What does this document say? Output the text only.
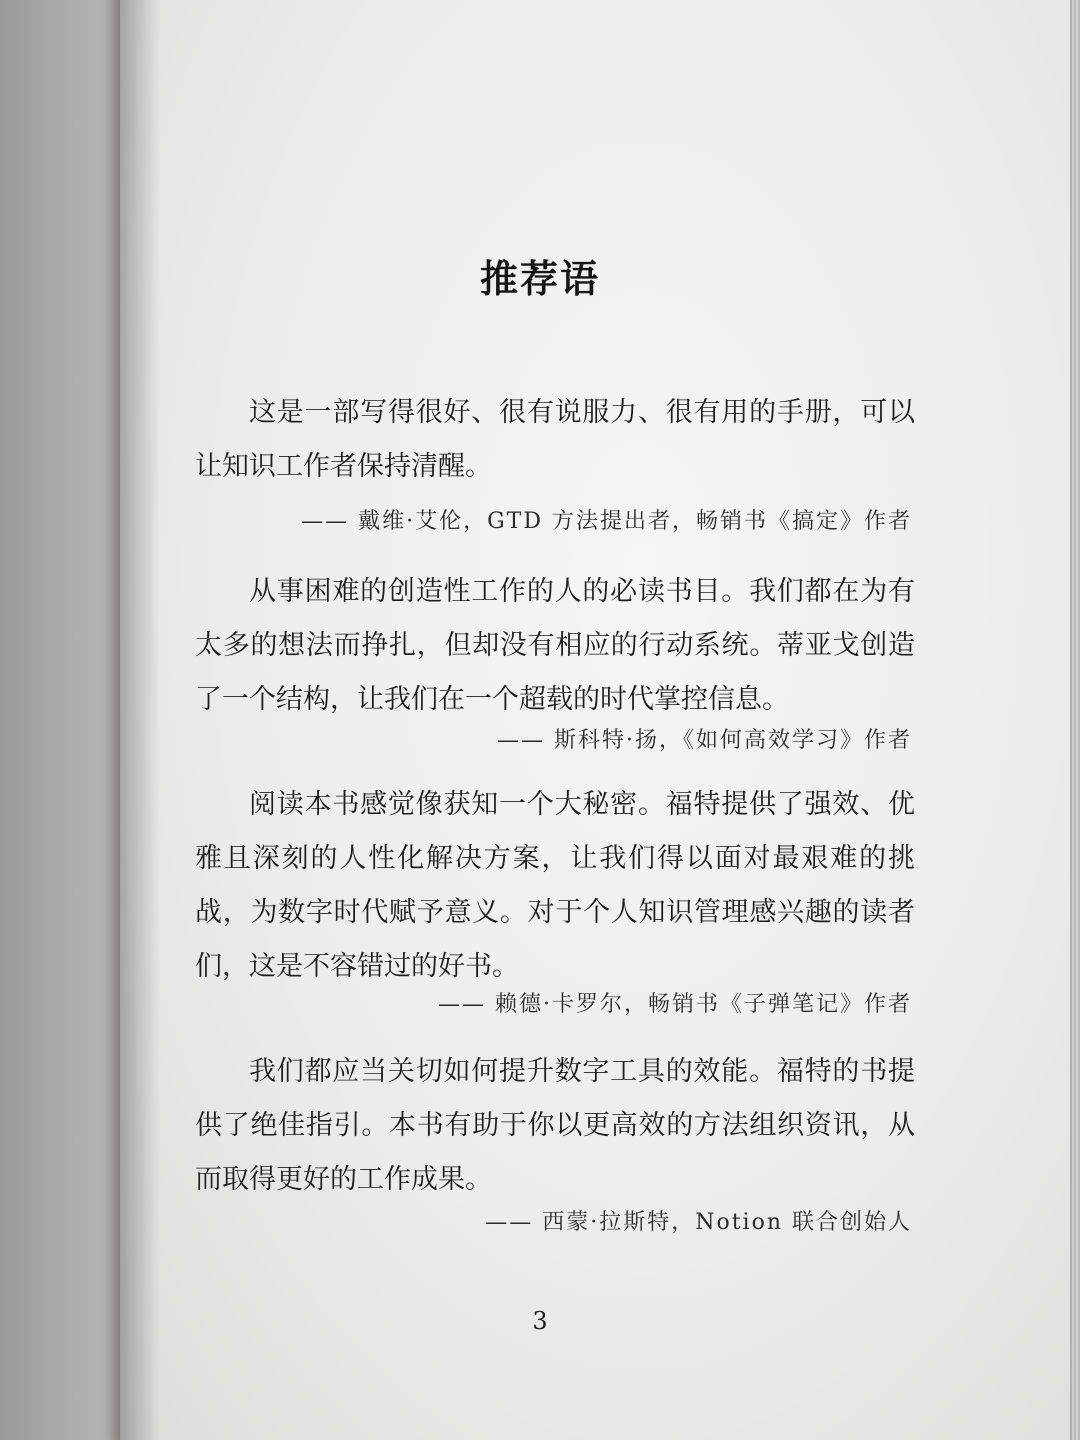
推荐语
这是一部写得很好、很有说服力、很有用的手册，可以让知识工作者保持清醒。
—— 戴维·艾伦，GTD 方法提出者，畅销书《搞定》作者
从事困难的创造性工作的人的必读书目。我们都在为有太多的想法而挣扎，但却没有相应的行动系统。蒂亚戈创造了一个结构，让我们在一个超载的时代掌控信息。
—— 斯科特·扬，《如何高效学习》作者
阅读本书感觉像获知一个大秘密。福特提供了强效、优雅且深刻的人性化解决方案，让我们得以面对最艰难的挑战，为数字时代赋予意义。对于个人知识管理感兴趣的读者们，这是不容错过的好书。
—— 赖德·卡罗尔，畅销书《子弹笔记》作者
我们都应当关切如何提升数字工具的效能。福特的书提供了绝佳指引。本书有助于你以更高效的方法组织资讯，从而取得更好的工作成果。
—— 西蒙·拉斯特，Notion 联合创始人
3
